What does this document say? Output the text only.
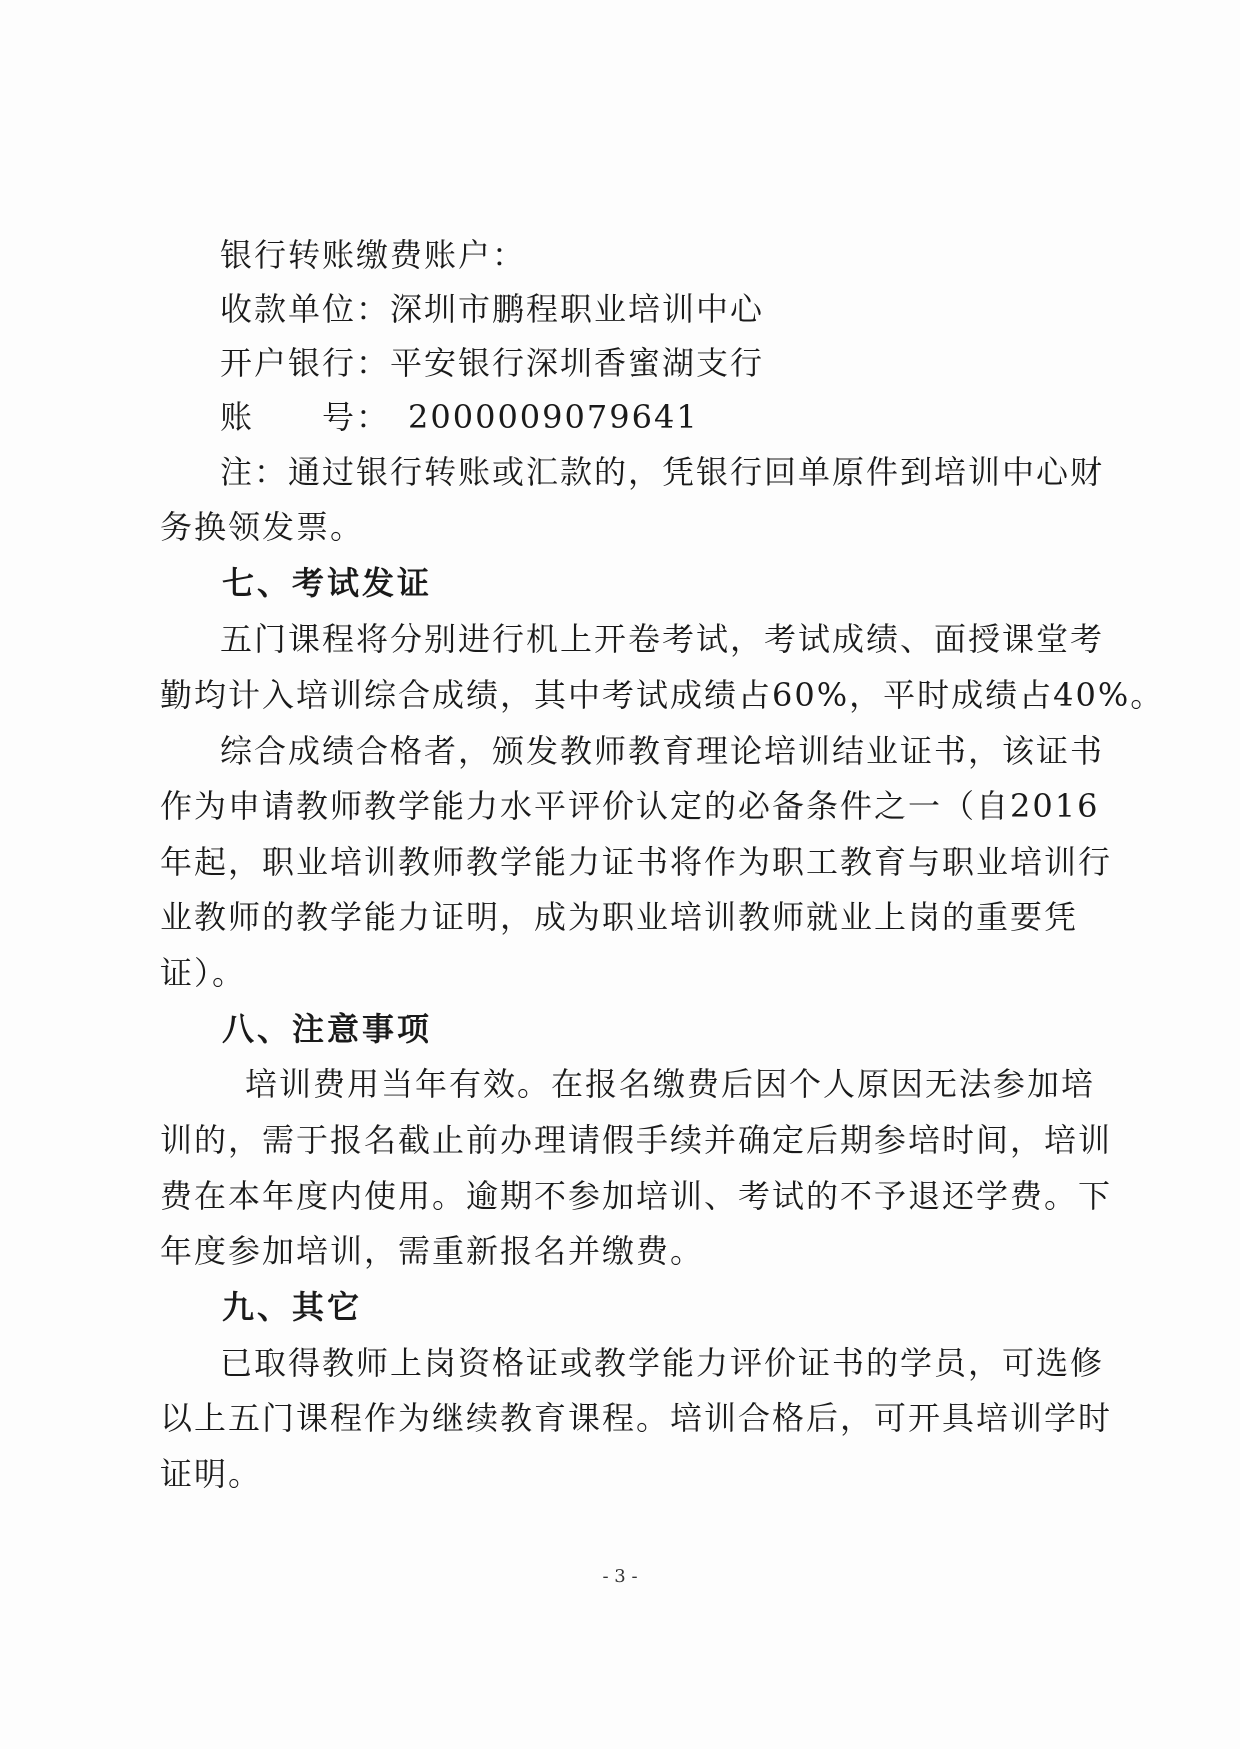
银行转账缴费账户：
收款单位：深圳市鹏程职业培训中心
开户银行：平安银行深圳香蜜湖支行
账　　号：　2000009079641
注：通过银行转账或汇款的，凭银行回单原件到培训中心财
务换领发票。
七、考试发证
五门课程将分别进行机上开卷考试，考试成绩、面授课堂考
勤均计入培训综合成绩，其中考试成绩占60%，平时成绩占40%。
综合成绩合格者，颁发教师教育理论培训结业证书，该证书
作为申请教师教学能力水平评价认定的必备条件之一（自2016
年起，职业培训教师教学能力证书将作为职工教育与职业培训行
业教师的教学能力证明，成为职业培训教师就业上岗的重要凭
证）。
八、注意事项
培训费用当年有效。在报名缴费后因个人原因无法参加培
训的，需于报名截止前办理请假手续并确定后期参培时间，培训
费在本年度内使用。逾期不参加培训、考试的不予退还学费。下
年度参加培训，需重新报名并缴费。
九、其它
已取得教师上岗资格证或教学能力评价证书的学员，可选修
以上五门课程作为继续教育课程。培训合格后，可开具培训学时
证明。
- 3 -
